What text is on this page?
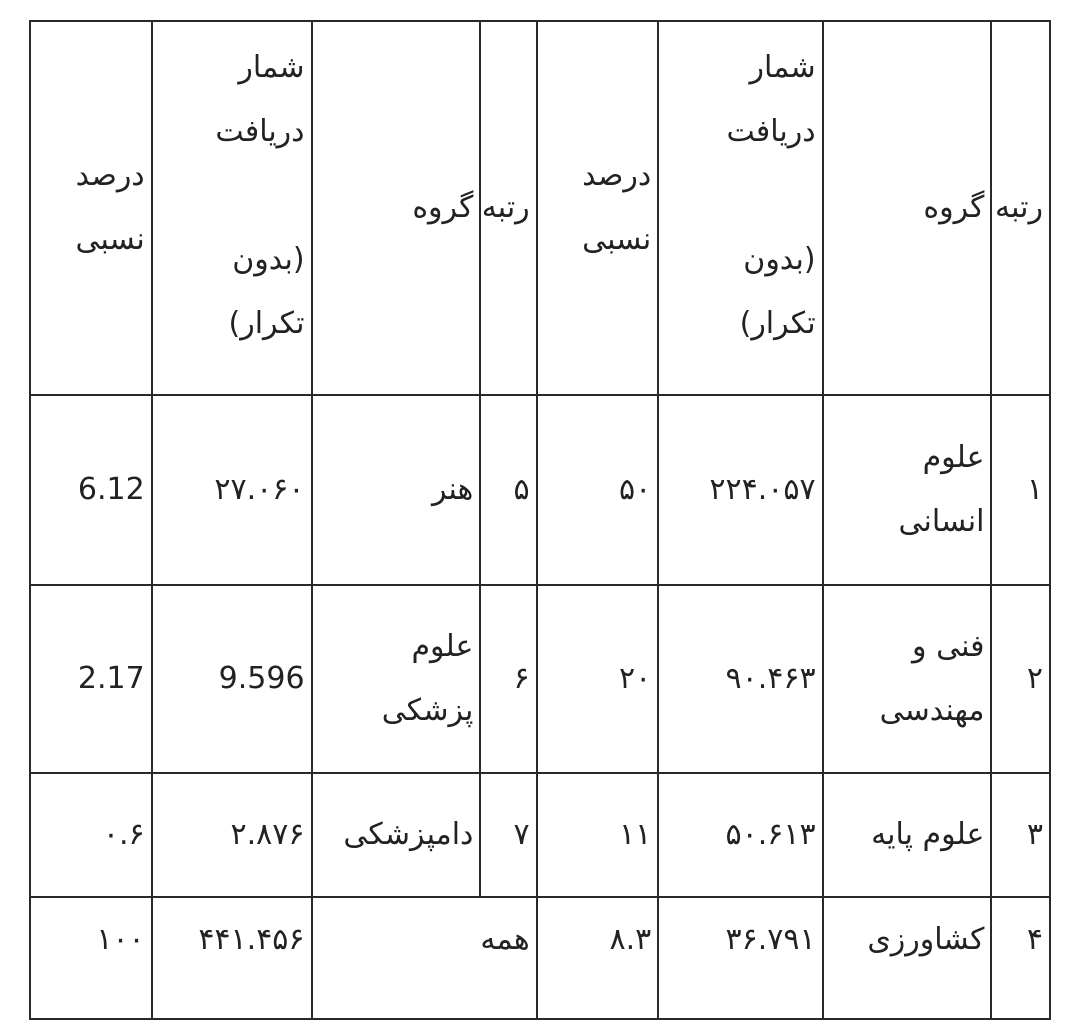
رتبه	گروه	شمار
دریافت

(بدون
تکرار)	درصد
نسبی	رتبه	گروه	شمار
دریافت

(بدون
تکرار)	درصد
نسبی
۱	علوم
انسانی	۲۲۴.۰۵۷	۵۰	۵	هنر	۲۷.۰۶۰	6.12
۲	فنی و
مهندسی	۹۰.۴۶۳	۲۰	۶	علوم
پزشکی	9.596	2.17
۳	علوم پایه	۵۰.۶۱۳	۱۱	۷	دامپزشکی	۲.۸۷۶	۰.۶
۴	کشاورزی	۳۶.۷۹۱	۸.۳	همه		۴۴۱.۴۵۶	۱۰۰
